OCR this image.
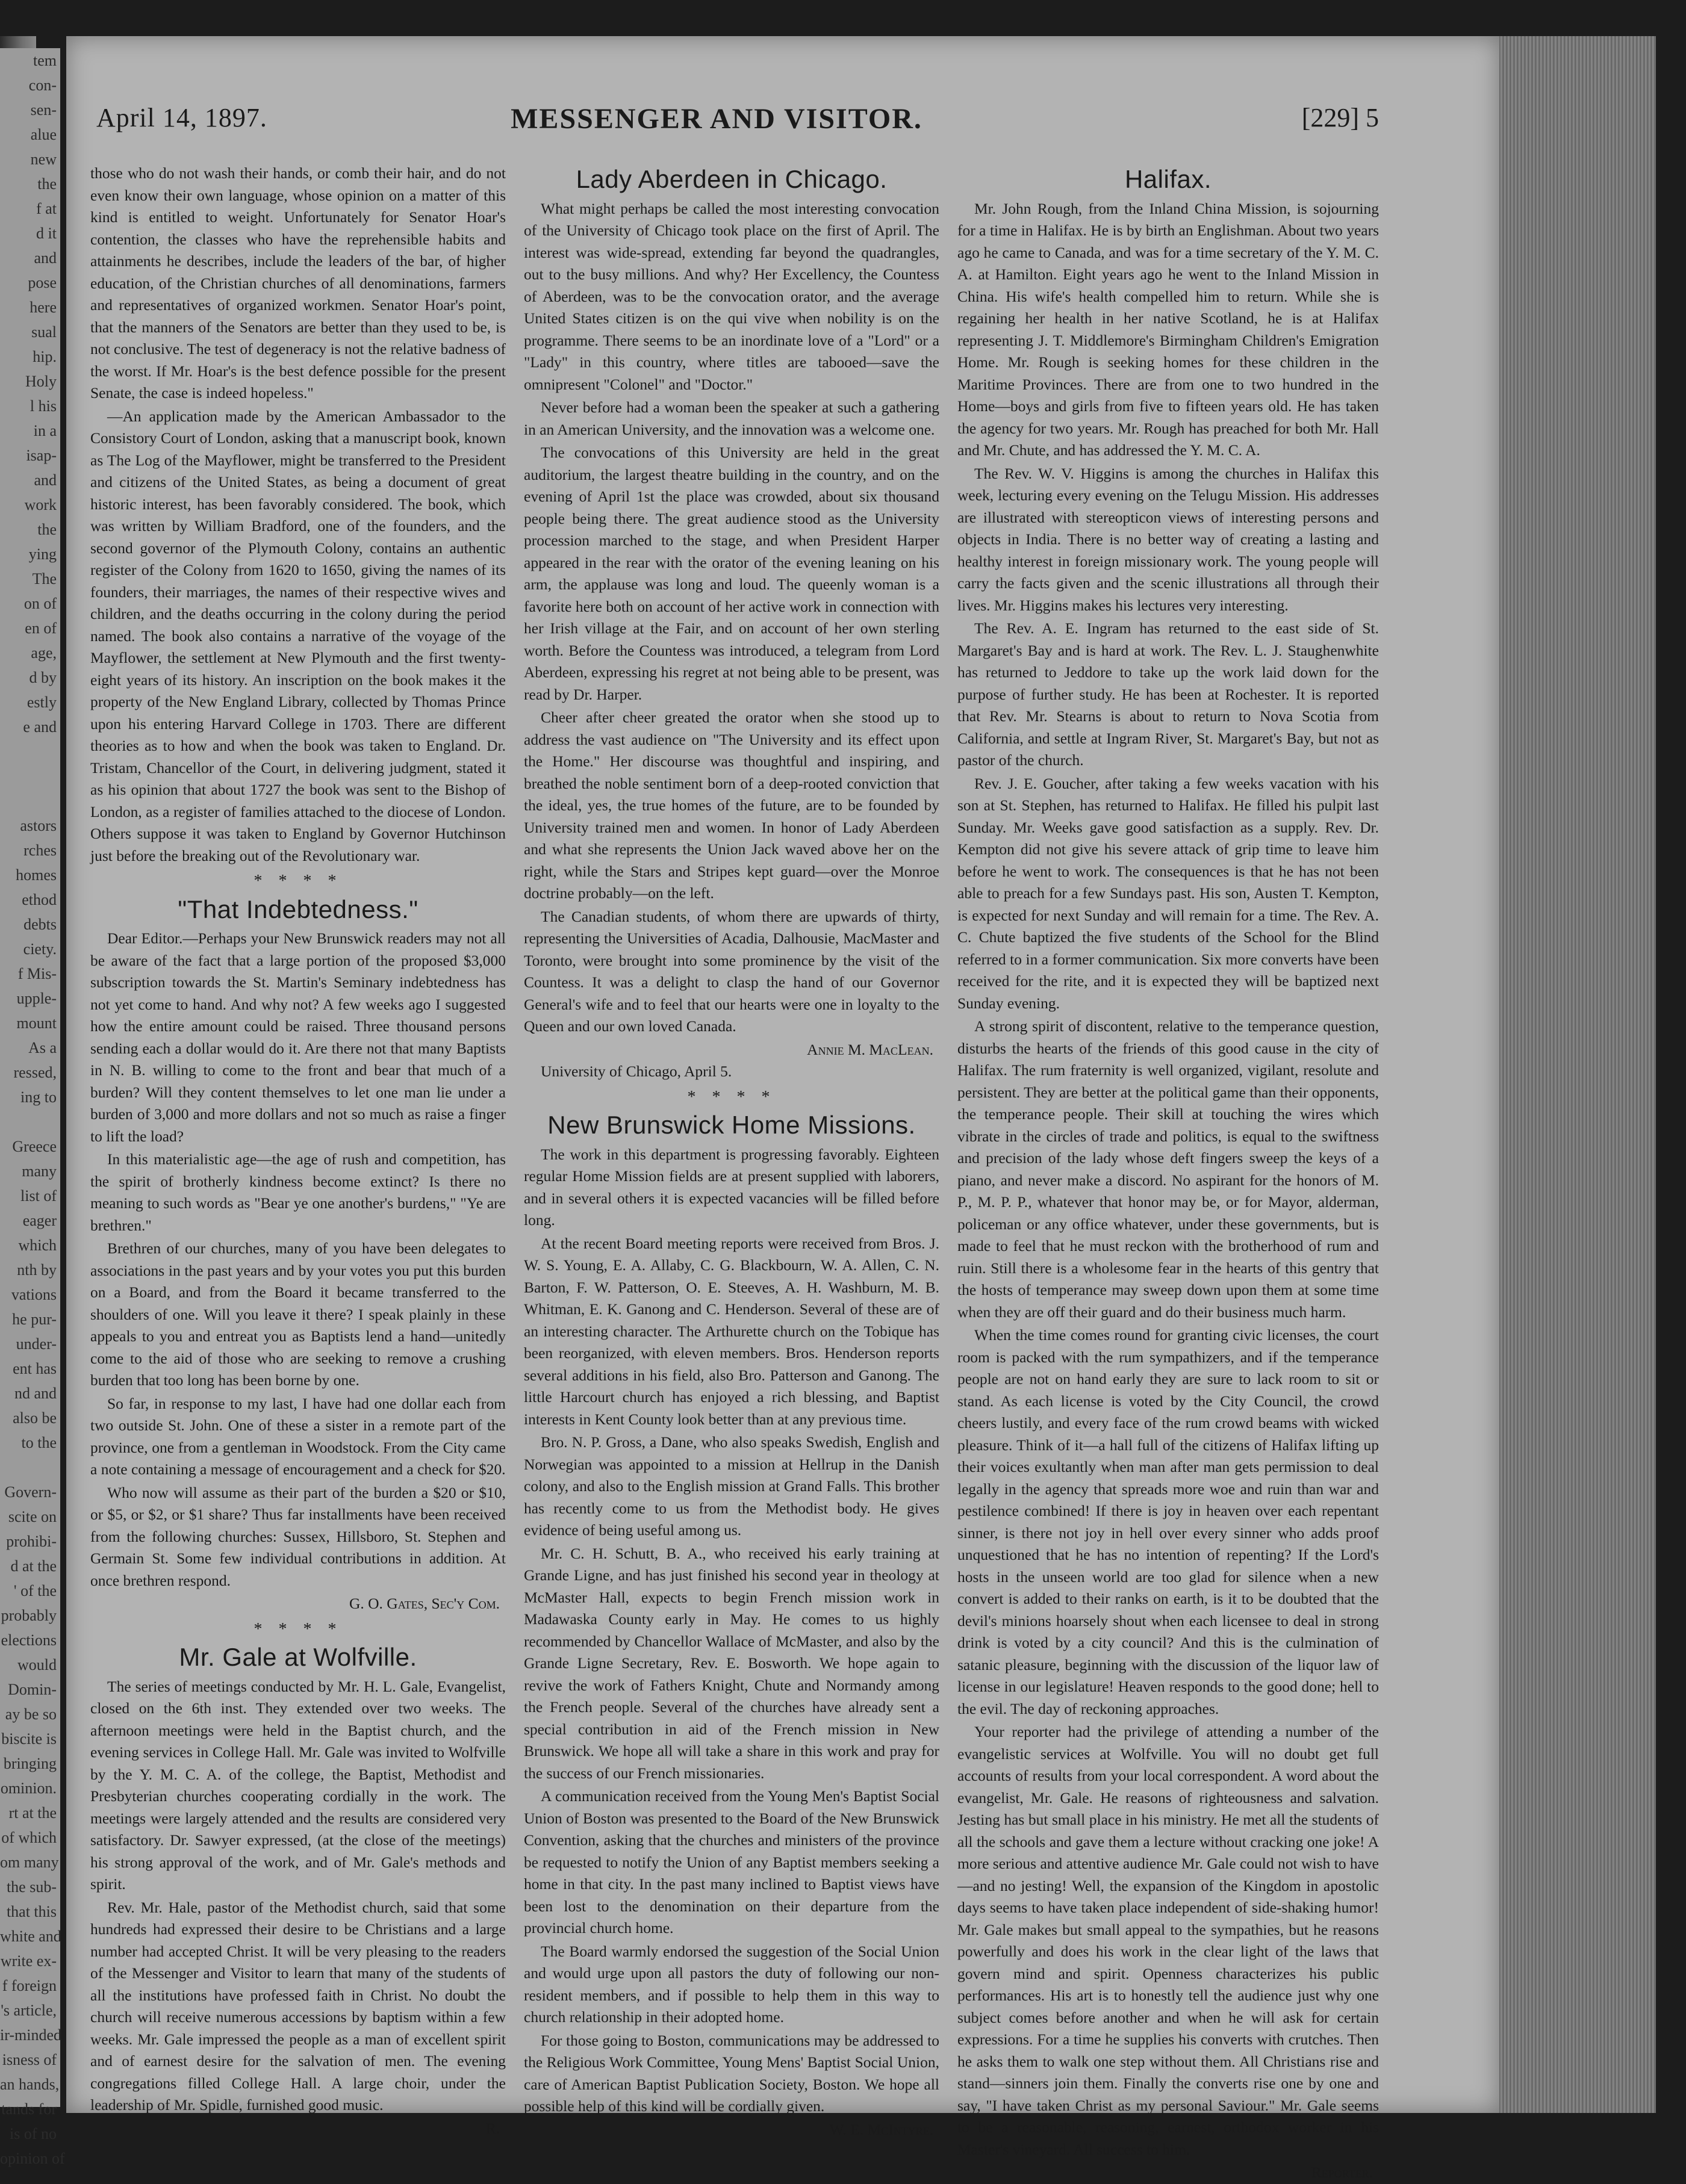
tem
con-
sen-
alue
new
the
f at
d it
and
pose
here
sual
hip.
Holy
l his
in a
isap-
and
work
the
ying
The
on of
en of
age,
d by
estly
e and

astors
rches
homes
ethod
debts
ciety.
f Mis-
upple-
mount
As a
ressed,
ing to

Greece
many
list of
eager
which
nth by
vations
he pur-
under-
ent has
nd and
also be
to the

Govern-
scite on
prohibi-
d at the
' of the
probably
elections
would
Domin-
ay be so
biscite is
bringing
ominion.
rt at the
of which
om many
the sub-
that this
white and
write ex-
f foreign
's article,
ir-minded
isness of
an hands,
tands for
is of no
opinion of
April 14, 1897.	MESSENGER AND VISITOR.	[229] 5

those who do not wash their hands, or comb their hair, and do not even know their own language, whose opinion on a matter of this kind is entitled to weight. Unfortunately for Senator Hoar's contention, the classes who have the reprehensible habits and attainments he describes, include the leaders of the bar, of higher education, of the Christian churches of all denominations, farmers and representatives of organized workmen. Senator Hoar's point, that the manners of the Senators are better than they used to be, is not conclusive. The test of degeneracy is not the relative badness of the worst. If Mr. Hoar's is the best defence possible for the present Senate, the case is indeed hopeless."

—An application made by the American Ambassador to the Consistory Court of London, asking that a manuscript book, known as The Log of the Mayflower, might be transferred to the President and citizens of the United States, as being a document of great historic interest, has been favorably considered. The book, which was written by William Bradford, one of the founders, and the second governor of the Plymouth Colony, contains an authentic register of the Colony from 1620 to 1650, giving the names of its founders, their marriages, the names of their respective wives and children, and the deaths occurring in the colony during the period named. The book also contains a narrative of the voyage of the Mayflower, the settlement at New Plymouth and the first twenty-eight years of its history. An inscription on the book makes it the property of the New England Library, collected by Thomas Prince upon his entering Harvard College in 1703. There are different theories as to how and when the book was taken to England. Dr. Tristam, Chancellor of the Court, in delivering judgment, stated it as his opinion that about 1727 the book was sent to the Bishop of London, as a register of families attached to the diocese of London. Others suppose it was taken to England by Governor Hutchinson just before the breaking out of the Revolutionary war.

* * * *
"That Indebtedness."

Dear Editor.—Perhaps your New Brunswick readers may not all be aware of the fact that a large portion of the proposed $3,000 subscription towards the St. Martin's Seminary indebtedness has not yet come to hand. And why not? A few weeks ago I suggested how the entire amount could be raised. Three thousand persons sending each a dollar would do it. Are there not that many Baptists in N. B. willing to come to the front and bear that much of a burden? Will they content themselves to let one man lie under a burden of 3,000 and more dollars and not so much as raise a finger to lift the load?

In this materialistic age—the age of rush and competition, has the spirit of brotherly kindness become extinct? Is there no meaning to such words as "Bear ye one another's burdens," "Ye are brethren."

Brethren of our churches, many of you have been delegates to associations in the past years and by your votes you put this burden on a Board, and from the Board it became transferred to the shoulders of one. Will you leave it there? I speak plainly in these appeals to you and entreat you as Baptists lend a hand—unitedly come to the aid of those who are seeking to remove a crushing burden that too long has been borne by one.

So far, in response to my last, I have had one dollar each from two outside St. John. One of these a sister in a remote part of the province, one from a gentleman in Woodstock. From the City came a note containing a message of encouragement and a check for $20.

Who now will assume as their part of the burden a $20 or $10, or $5, or $2, or $1 share? Thus far installments have been received from the following churches: Sussex, Hillsboro, St. Stephen and Germain St. Some few individual contributions in addition. At once brethren respond.

G. O. Gates, Sec'y Com.
* * * *
Mr. Gale at Wolfville.

The series of meetings conducted by Mr. H. L. Gale, Evangelist, closed on the 6th inst. They extended over two weeks. The afternoon meetings were held in the Baptist church, and the evening services in College Hall. Mr. Gale was invited to Wolfville by the Y. M. C. A. of the college, the Baptist, Methodist and Presbyterian churches cooperating cordially in the work. The meetings were largely attended and the results are considered very satisfactory. Dr. Sawyer expressed, (at the close of the meetings) his strong approval of the work, and of Mr. Gale's methods and spirit.

Rev. Mr. Hale, pastor of the Methodist church, said that some hundreds had expressed their desire to be Christians and a large number had accepted Christ. It will be very pleasing to the readers of the Messenger and Visitor to learn that many of the students of all the institutions have professed faith in Christ. No doubt the church will receive numerous accessions by baptism within a few weeks. Mr. Gale impressed the people as a man of excellent spirit and of earnest desire for the salvation of men. The evening congregations filled College Hall. A large choir, under the leadership of Mr. Spidle, furnished good music.

R.
Lady Aberdeen in Chicago.

What might perhaps be called the most interesting convocation of the University of Chicago took place on the first of April. The interest was wide-spread, extending far beyond the quadrangles, out to the busy millions. And why? Her Excellency, the Countess of Aberdeen, was to be the convocation orator, and the average United States citizen is on the qui vive when nobility is on the programme. There seems to be an inordinate love of a "Lord" or a "Lady" in this country, where titles are tabooed—save the omnipresent "Colonel" and "Doctor."

Never before had a woman been the speaker at such a gathering in an American University, and the innovation was a welcome one.

The convocations of this University are held in the great auditorium, the largest theatre building in the country, and on the evening of April 1st the place was crowded, about six thousand people being there. The great audience stood as the University procession marched to the stage, and when President Harper appeared in the rear with the orator of the evening leaning on his arm, the applause was long and loud. The queenly woman is a favorite here both on account of her active work in connection with her Irish village at the Fair, and on account of her own sterling worth. Before the Countess was introduced, a telegram from Lord Aberdeen, expressing his regret at not being able to be present, was read by Dr. Harper.

Cheer after cheer greated the orator when she stood up to address the vast audience on "The University and its effect upon the Home." Her discourse was thoughtful and inspiring, and breathed the noble sentiment born of a deep-rooted conviction that the ideal, yes, the true homes of the future, are to be founded by University trained men and women. In honor of Lady Aberdeen and what she represents the Union Jack waved above her on the right, while the Stars and Stripes kept guard—over the Monroe doctrine probably—on the left.

The Canadian students, of whom there are upwards of thirty, representing the Universities of Acadia, Dalhousie, MacMaster and Toronto, were brought into some prominence by the visit of the Countess. It was a delight to clasp the hand of our Governor General's wife and to feel that our hearts were one in loyalty to the Queen and our own loved Canada.

Annie M. MacLean.
University of Chicago, April 5.
* * * *
New Brunswick Home Missions.

The work in this department is progressing favorably. Eighteen regular Home Mission fields are at present supplied with laborers, and in several others it is expected vacancies will be filled before long.

At the recent Board meeting reports were received from Bros. J. W. S. Young, E. A. Allaby, C. G. Blackbourn, W. A. Allen, C. N. Barton, F. W. Patterson, O. E. Steeves, A. H. Washburn, M. B. Whitman, E. K. Ganong and C. Henderson. Several of these are of an interesting character. The Arthurette church on the Tobique has been reorganized, with eleven members. Bros. Henderson reports several additions in his field, also Bro. Patterson and Ganong. The little Harcourt church has enjoyed a rich blessing, and Baptist interests in Kent County look better than at any previous time.

Bro. N. P. Gross, a Dane, who also speaks Swedish, English and Norwegian was appointed to a mission at Hellrup in the Danish colony, and also to the English mission at Grand Falls. This brother has recently come to us from the Methodist body. He gives evidence of being useful among us.

Mr. C. H. Schutt, B. A., who received his early training at Grande Ligne, and has just finished his second year in theology at McMaster Hall, expects to begin French mission work in Madawaska County early in May. He comes to us highly recommended by Chancellor Wallace of McMaster, and also by the Grande Ligne Secretary, Rev. E. Bosworth. We hope again to revive the work of Fathers Knight, Chute and Normandy among the French people. Several of the churches have already sent a special contribution in aid of the French mission in New Brunswick. We hope all will take a share in this work and pray for the success of our French missionaries.

A communication received from the Young Men's Baptist Social Union of Boston was presented to the Board of the New Brunswick Convention, asking that the churches and ministers of the province be requested to notify the Union of any Baptist members seeking a home in that city. In the past many inclined to Baptist views have been lost to the denomination on their departure from the provincial church home.

The Board warmly endorsed the suggestion of the Social Union and would urge upon all pastors the duty of following our non-resident members, and if possible to help them in this way to church relationship in their adopted home.

For those going to Boston, communications may be addressed to the Religious Work Committee, Young Mens' Baptist Social Union, care of American Baptist Publication Society, Boston. We hope all possible help of this kind will be cordially given.

W. E. McIntyre.
Halifax.

Mr. John Rough, from the Inland China Mission, is sojourning for a time in Halifax. He is by birth an Englishman. About two years ago he came to Canada, and was for a time secretary of the Y. M. C. A. at Hamilton. Eight years ago he went to the Inland Mission in China. His wife's health compelled him to return. While she is regaining her health in her native Scotland, he is at Halifax representing J. T. Middlemore's Birmingham Children's Emigration Home. Mr. Rough is seeking homes for these children in the Maritime Provinces. There are from one to two hundred in the Home—boys and girls from five to fifteen years old. He has taken the agency for two years. Mr. Rough has preached for both Mr. Hall and Mr. Chute, and has addressed the Y. M. C. A.

The Rev. W. V. Higgins is among the churches in Halifax this week, lecturing every evening on the Telugu Mission. His addresses are illustrated with stereopticon views of interesting persons and objects in India. There is no better way of creating a lasting and healthy interest in foreign missionary work. The young people will carry the facts given and the scenic illustrations all through their lives. Mr. Higgins makes his lectures very interesting.

The Rev. A. E. Ingram has returned to the east side of St. Margaret's Bay and is hard at work. The Rev. L. J. Staughenwhite has returned to Jeddore to take up the work laid down for the purpose of further study. He has been at Rochester. It is reported that Rev. Mr. Stearns is about to return to Nova Scotia from California, and settle at Ingram River, St. Margaret's Bay, but not as pastor of the church.

Rev. J. E. Goucher, after taking a few weeks vacation with his son at St. Stephen, has returned to Halifax. He filled his pulpit last Sunday. Mr. Weeks gave good satisfaction as a supply. Rev. Dr. Kempton did not give his severe attack of grip time to leave him before he went to work. The consequences is that he has not been able to preach for a few Sundays past. His son, Austen T. Kempton, is expected for next Sunday and will remain for a time. The Rev. A. C. Chute baptized the five students of the School for the Blind referred to in a former communication. Six more converts have been received for the rite, and it is expected they will be baptized next Sunday evening.

A strong spirit of discontent, relative to the temperance question, disturbs the hearts of the friends of this good cause in the city of Halifax. The rum fraternity is well organized, vigilant, resolute and persistent. They are better at the political game than their opponents, the temperance people. Their skill at touching the wires which vibrate in the circles of trade and politics, is equal to the swiftness and precision of the lady whose deft fingers sweep the keys of a piano, and never make a discord. No aspirant for the honors of M. P., M. P. P., whatever that honor may be, or for Mayor, alderman, policeman or any office whatever, under these governments, but is made to feel that he must reckon with the brotherhood of rum and ruin. Still there is a wholesome fear in the hearts of this gentry that the hosts of temperance may sweep down upon them at some time when they are off their guard and do their business much harm.

When the time comes round for granting civic licenses, the court room is packed with the rum sympathizers, and if the temperance people are not on hand early they are sure to lack room to sit or stand. As each license is voted by the City Council, the crowd cheers lustily, and every face of the rum crowd beams with wicked pleasure. Think of it—a hall full of the citizens of Halifax lifting up their voices exultantly when man after man gets permission to deal legally in the agency that spreads more woe and ruin than war and pestilence combined! If there is joy in heaven over each repentant sinner, is there not joy in hell over every sinner who adds proof unquestioned that he has no intention of repenting? If the Lord's hosts in the unseen world are too glad for silence when a new convert is added to their ranks on earth, is it to be doubted that the devil's minions hoarsely shout when each licensee to deal in strong drink is voted by a city council? And this is the culmination of satanic pleasure, beginning with the discussion of the liquor law of license in our legislature! Heaven responds to the good done; hell to the evil. The day of reckoning approaches.

Your reporter had the privilege of attending a number of the evangelistic services at Wolfville. You will no doubt get full accounts of results from your local correspondent. A word about the evangelist, Mr. Gale. He reasons of righteousness and salvation. Jesting has but small place in his ministry. He met all the students of all the schools and gave them a lecture without cracking one joke! A more serious and attentive audience Mr. Gale could not wish to have—and no jesting! Well, the expansion of the Kingdom in apostolic days seems to have taken place independent of side-shaking humor! Mr. Gale makes but small appeal to the sympathies, but he reasons powerfully and does his work in the clear light of the laws that govern mind and spirit. Openness characterizes his public performances. His art is to honestly tell the audience just why one subject comes before another and when he will ask for certain expressions. For a time he supplies his converts with crutches. Then he asks them to walk one step without them. All Christians rise and stand—sinners join them. Finally the converts rise one by one and say, "I have taken Christ as my personal Saviour." Mr. Gale seems to be a reasonable, reasoning, earnest, orthodox worker in his Master's vineyard. All success to him.

Reporter.
